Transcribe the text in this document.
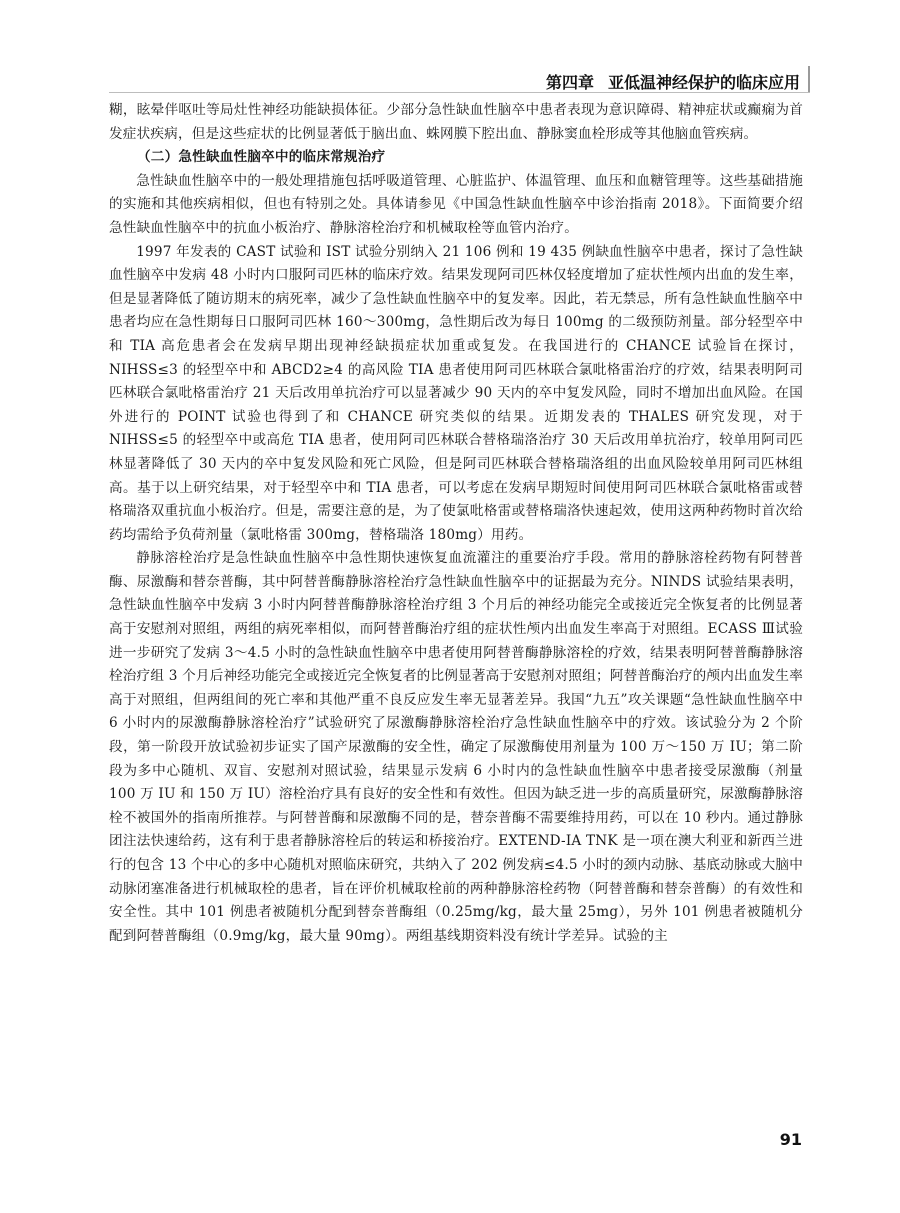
第四章 亚低温神经保护的临床应用

糊，眩晕伴呕吐等局灶性神经功能缺损体征。少部分急性缺血性脑卒中患者表现为意识障碍、精神症状或癫痫为首发症状疾病，但是这些症状的比例显著低于脑出血、蛛网膜下腔出血、静脉窦血栓形成等其他脑血管疾病。

（二）急性缺血性脑卒中的临床常规治疗

急性缺血性脑卒中的一般处理措施包括呼吸道管理、心脏监护、体温管理、血压和血糖管理等。这些基础措施的实施和其他疾病相似，但也有特别之处。具体请参见《中国急性缺血性脑卒中诊治指南 2018》。下面简要介绍急性缺血性脑卒中的抗血小板治疗、静脉溶栓治疗和机械取栓等血管内治疗。

1997 年发表的 CAST 试验和 IST 试验分别纳入 21 106 例和 19 435 例缺血性脑卒中患者，探讨了急性缺血性脑卒中发病 48 小时内口服阿司匹林的临床疗效。结果发现阿司匹林仅轻度增加了症状性颅内出血的发生率，但是显著降低了随访期末的病死率，减少了急性缺血性脑卒中的复发率。因此，若无禁忌，所有急性缺血性脑卒中患者均应在急性期每日口服阿司匹林 160～300mg，急性期后改为每日 100mg 的二级预防剂量。部分轻型卒中和 TIA 高危患者会在发病早期出现神经缺损症状加重或复发。在我国进行的 CHANCE 试验旨在探讨，NIHSS≤3 的轻型卒中和 ABCD2≥4 的高风险 TIA 患者使用阿司匹林联合氯吡格雷治疗的疗效，结果表明阿司匹林联合氯吡格雷治疗 21 天后改用单抗治疗可以显著减少 90 天内的卒中复发风险，同时不增加出血风险。在国外进行的 POINT 试验也得到了和 CHANCE 研究类似的结果。近期发表的 THALES 研究发现，对于 NIHSS≤5 的轻型卒中或高危 TIA 患者，使用阿司匹林联合替格瑞洛治疗 30 天后改用单抗治疗，较单用阿司匹林显著降低了 30 天内的卒中复发风险和死亡风险，但是阿司匹林联合替格瑞洛组的出血风险较单用阿司匹林组高。基于以上研究结果，对于轻型卒中和 TIA 患者，可以考虑在发病早期短时间使用阿司匹林联合氯吡格雷或替格瑞洛双重抗血小板治疗。但是，需要注意的是，为了使氯吡格雷或替格瑞洛快速起效，使用这两种药物时首次给药均需给予负荷剂量（氯吡格雷 300mg，替格瑞洛 180mg）用药。

静脉溶栓治疗是急性缺血性脑卒中急性期快速恢复血流灌注的重要治疗手段。常用的静脉溶栓药物有阿替普酶、尿激酶和替奈普酶，其中阿替普酶静脉溶栓治疗急性缺血性脑卒中的证据最为充分。NINDS 试验结果表明，急性缺血性脑卒中发病 3 小时内阿替普酶静脉溶栓治疗组 3 个月后的神经功能完全或接近完全恢复者的比例显著高于安慰剂对照组，两组的病死率相似，而阿替普酶治疗组的症状性颅内出血发生率高于对照组。ECASS Ⅲ试验进一步研究了发病 3～4.5 小时的急性缺血性脑卒中患者使用阿替普酶静脉溶栓的疗效，结果表明阿替普酶静脉溶栓治疗组 3 个月后神经功能完全或接近完全恢复者的比例显著高于安慰剂对照组；阿替普酶治疗的颅内出血发生率高于对照组，但两组间的死亡率和其他严重不良反应发生率无显著差异。我国“九五”攻关课题“急性缺血性脑卒中 6 小时内的尿激酶静脉溶栓治疗”试验研究了尿激酶静脉溶栓治疗急性缺血性脑卒中的疗效。该试验分为 2 个阶段，第一阶段开放试验初步证实了国产尿激酶的安全性，确定了尿激酶使用剂量为 100 万～150 万 IU；第二阶段为多中心随机、双盲、安慰剂对照试验，结果显示发病 6 小时内的急性缺血性脑卒中患者接受尿激酶（剂量 100 万 IU 和 150 万 IU）溶栓治疗具有良好的安全性和有效性。但因为缺乏进一步的高质量研究，尿激酶静脉溶栓不被国外的指南所推荐。与阿替普酶和尿激酶不同的是，替奈普酶不需要维持用药，可以在 10 秒内。通过静脉团注法快速给药，这有利于患者静脉溶栓后的转运和桥接治疗。EXTEND-IA TNK 是一项在澳大利亚和新西兰进行的包含 13 个中心的多中心随机对照临床研究，共纳入了 202 例发病≤4.5 小时的颈内动脉、基底动脉或大脑中动脉闭塞准备进行机械取栓的患者，旨在评价机械取栓前的两种静脉溶栓药物（阿替普酶和替奈普酶）的有效性和安全性。其中 101 例患者被随机分配到替奈普酶组（0.25mg/kg，最大量 25mg），另外 101 例患者被随机分配到阿替普酶组（0.9mg/kg，最大量 90mg）。两组基线期资料没有统计学差异。试验的主

91
